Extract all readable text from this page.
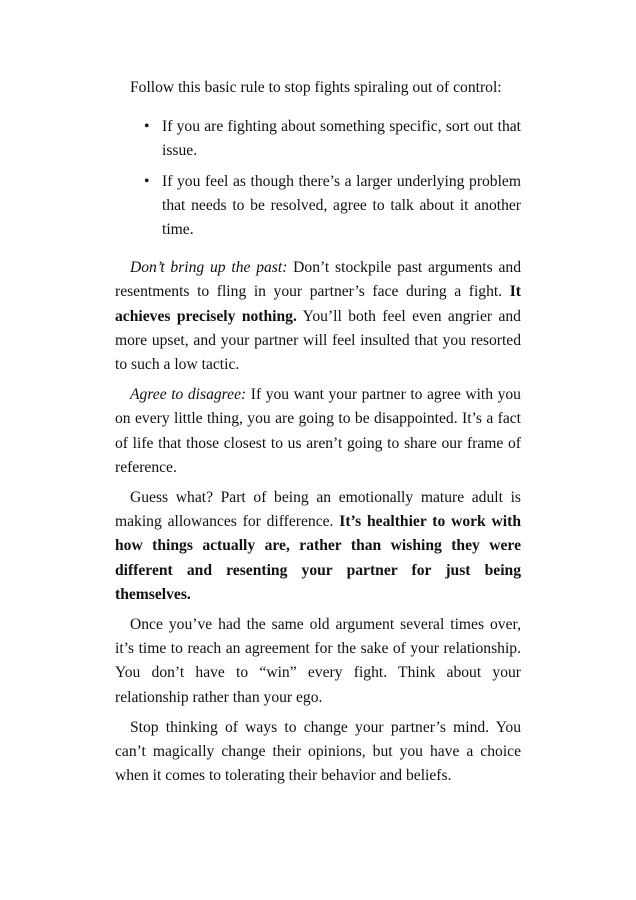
Follow this basic rule to stop fights spiraling out of control:

• If you are fighting about something specific, sort out that issue.
• If you feel as though there’s a larger underlying problem that needs to be resolved, agree to talk about it another time.

Don’t bring up the past: Don’t stockpile past arguments and resentments to fling in your partner’s face during a fight. It achieves precisely nothing. You’ll both feel even angrier and more upset, and your partner will feel insulted that you resorted to such a low tactic.

Agree to disagree: If you want your partner to agree with you on every little thing, you are going to be disappointed. It’s a fact of life that those closest to us aren’t going to share our frame of reference.

Guess what? Part of being an emotionally mature adult is making allowances for difference. It’s healthier to work with how things actually are, rather than wishing they were different and resenting your partner for just being themselves.

Once you’ve had the same old argument several times over, it’s time to reach an agreement for the sake of your relationship. You don’t have to “win” every fight. Think about your relationship rather than your ego.

Stop thinking of ways to change your partner’s mind. You can’t magically change their opinions, but you have a choice when it comes to tolerating their behavior and beliefs.
